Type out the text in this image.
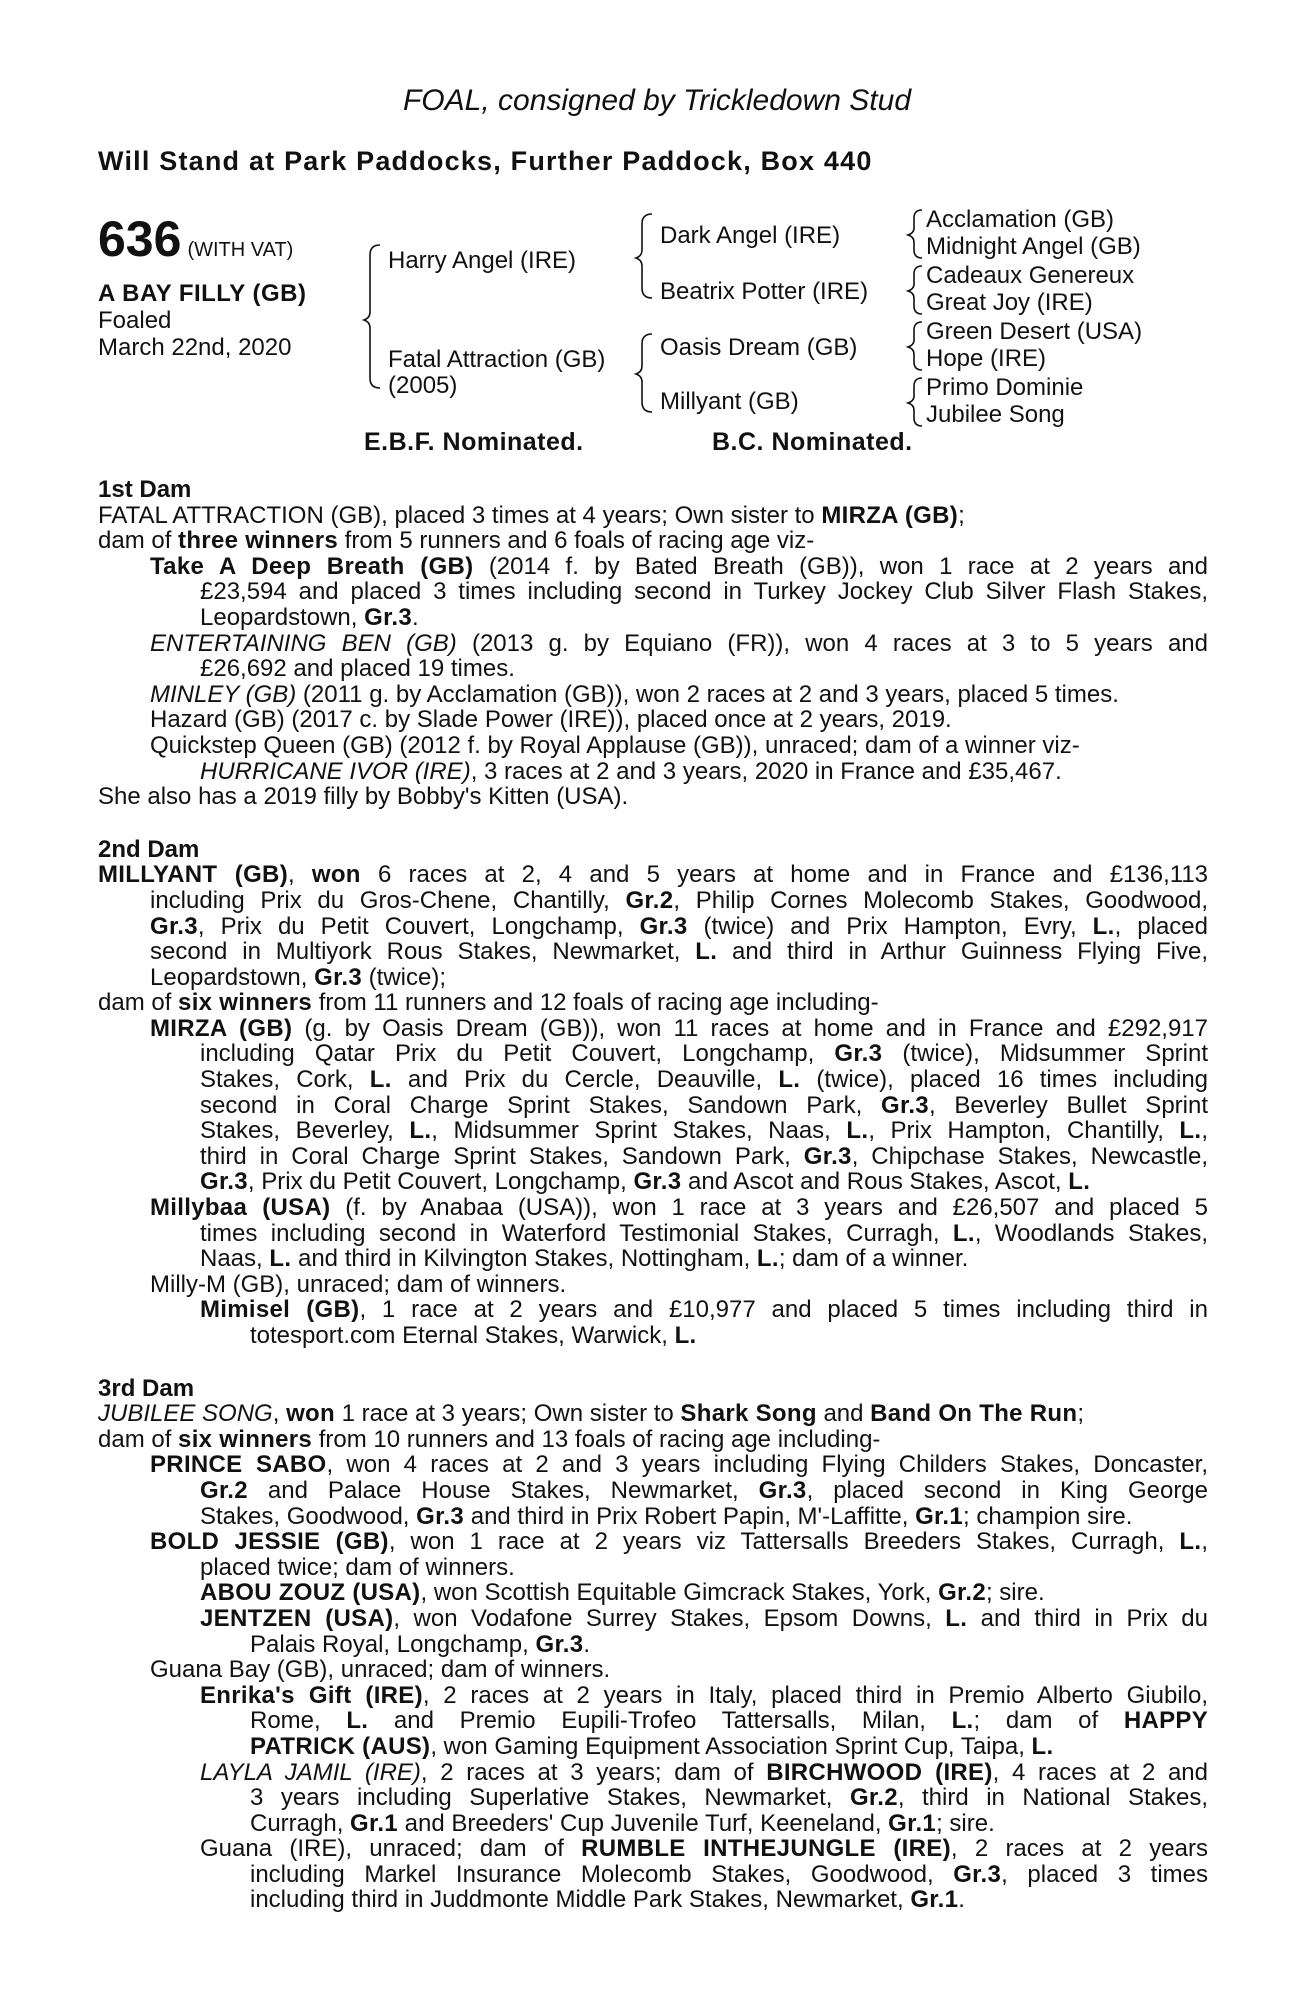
FOAL, consigned by Trickledown Stud
Will Stand at Park Paddocks, Further Paddock, Box 440
636 (WITH VAT)
A BAY FILLY (GB)
Foaled
March 22nd, 2020
Harry Angel (IRE)
Fatal Attraction (GB)
(2005)
Dark Angel (IRE)
Beatrix Potter (IRE)
Oasis Dream (GB)
Millyant (GB)
Acclamation (GB)
Midnight Angel (GB)
Cadeaux Genereux
Great Joy (IRE)
Green Desert (USA)
Hope (IRE)
Primo Dominie
Jubilee Song
E.B.F. Nominated.	B.C. Nominated.

1st Dam

FATAL ATTRACTION (GB), placed 3 times at 4 years; Own sister to MIRZA (GB);

dam of three winners from 5 runners and 6 foals of racing age viz-

Take A Deep Breath (GB) (2014 f. by Bated Breath (GB)), won 1 race at 2 years and

£23,594 and placed 3 times including second in Turkey Jockey Club Silver Flash Stakes,

Leopardstown, Gr.3.

ENTERTAINING BEN (GB) (2013 g. by Equiano (FR)), won 4 races at 3 to 5 years and

£26,692 and placed 19 times.

MINLEY (GB) (2011 g. by Acclamation (GB)), won 2 races at 2 and 3 years, placed 5 times.

Hazard (GB) (2017 c. by Slade Power (IRE)), placed once at 2 years, 2019.

Quickstep Queen (GB) (2012 f. by Royal Applause (GB)), unraced; dam of a winner viz-

HURRICANE IVOR (IRE), 3 races at 2 and 3 years, 2020 in France and £35,467.

She also has a 2019 filly by Bobby's Kitten (USA).

2nd Dam

MILLYANT (GB), won 6 races at 2, 4 and 5 years at home and in France and £136,113

including Prix du Gros-Chene, Chantilly, Gr.2, Philip Cornes Molecomb Stakes, Goodwood,

Gr.3, Prix du Petit Couvert, Longchamp, Gr.3 (twice) and Prix Hampton, Evry, L., placed

second in Multiyork Rous Stakes, Newmarket, L. and third in Arthur Guinness Flying Five,

Leopardstown, Gr.3 (twice);

dam of six winners from 11 runners and 12 foals of racing age including-

MIRZA (GB) (g. by Oasis Dream (GB)), won 11 races at home and in France and £292,917

including Qatar Prix du Petit Couvert, Longchamp, Gr.3 (twice), Midsummer Sprint

Stakes, Cork, L. and Prix du Cercle, Deauville, L. (twice), placed 16 times including

second in Coral Charge Sprint Stakes, Sandown Park, Gr.3, Beverley Bullet Sprint

Stakes, Beverley, L., Midsummer Sprint Stakes, Naas, L., Prix Hampton, Chantilly, L.,

third in Coral Charge Sprint Stakes, Sandown Park, Gr.3, Chipchase Stakes, Newcastle,

Gr.3, Prix du Petit Couvert, Longchamp, Gr.3 and Ascot and Rous Stakes, Ascot, L.

Millybaa (USA) (f. by Anabaa (USA)), won 1 race at 3 years and £26,507 and placed 5

times including second in Waterford Testimonial Stakes, Curragh, L., Woodlands Stakes,

Naas, L. and third in Kilvington Stakes, Nottingham, L.; dam of a winner.

Milly-M (GB), unraced; dam of winners.

Mimisel (GB), 1 race at 2 years and £10,977 and placed 5 times including third in

totesport.com Eternal Stakes, Warwick, L.

3rd Dam

JUBILEE SONG, won 1 race at 3 years; Own sister to Shark Song and Band On The Run;

dam of six winners from 10 runners and 13 foals of racing age including-

PRINCE SABO, won 4 races at 2 and 3 years including Flying Childers Stakes, Doncaster,

Gr.2 and Palace House Stakes, Newmarket, Gr.3, placed second in King George

Stakes, Goodwood, Gr.3 and third in Prix Robert Papin, M'-Laffitte, Gr.1; champion sire.

BOLD JESSIE (GB), won 1 race at 2 years viz Tattersalls Breeders Stakes, Curragh, L.,

placed twice; dam of winners.

ABOU ZOUZ (USA), won Scottish Equitable Gimcrack Stakes, York, Gr.2; sire.

JENTZEN (USA), won Vodafone Surrey Stakes, Epsom Downs, L. and third in Prix du

Palais Royal, Longchamp, Gr.3.

Guana Bay (GB), unraced; dam of winners.

Enrika's Gift (IRE), 2 races at 2 years in Italy, placed third in Premio Alberto Giubilo,

Rome, L. and Premio Eupili-Trofeo Tattersalls, Milan, L.; dam of HAPPY

PATRICK (AUS), won Gaming Equipment Association Sprint Cup, Taipa, L.

LAYLA JAMIL (IRE), 2 races at 3 years; dam of BIRCHWOOD (IRE), 4 races at 2 and

3 years including Superlative Stakes, Newmarket, Gr.2, third in National Stakes,

Curragh, Gr.1 and Breeders' Cup Juvenile Turf, Keeneland, Gr.1; sire.

Guana (IRE), unraced; dam of RUMBLE INTHEJUNGLE (IRE), 2 races at 2 years

including Markel Insurance Molecomb Stakes, Goodwood, Gr.3, placed 3 times

including third in Juddmonte Middle Park Stakes, Newmarket, Gr.1.
